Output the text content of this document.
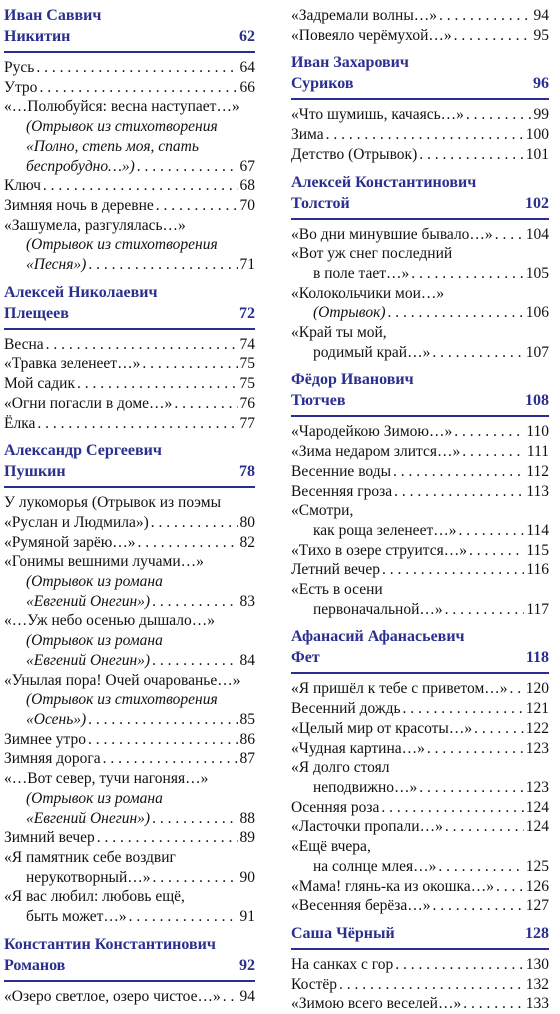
Иван Саввич
Никитин	62
Русь . . .	64
Утро . . .	66
«…Полюбуйся: весна наступает…»
(Отрывок из стихотворения
«Полно, степь моя, спать
беспробудно…») . . .	67
Ключ . . .	68
Зимняя ночь в деревне . . .	70
«Зашумела, разгулялась…»
(Отрывок из стихотворения
«Песня») . . .	71
Алексей Николаевич
Плещеев	72
Весна . . .	74
«Травка зеленеет…» . . .	75
Мой садик . . .	75
«Огни погасли в доме…» . . .	76
Ёлка . . .	77
Александр Сергеевич
Пушкин	78
У лукоморья (Отрывок из поэмы
«Руслан и Людмила») . . .	80
«Румяной зарёю…» . . .	82
«Гонимы вешними лучами…»
(Отрывок из романа
«Евгений Онегин») . . .	83
«…Уж небо осенью дышало…»
(Отрывок из романа
«Евгений Онегин») . . .	84
«Унылая пора! Очей очарованье…»
(Отрывок из стихотворения
«Осень») . . .	85
Зимнее утро . . .	86
Зимняя дорога . . .	87
«…Вот север, тучи нагоняя…»
(Отрывок из романа
«Евгений Онегин») . . .	88
Зимний вечер . . .	89
«Я памятник себе воздвиг
нерукотворный…» . . .	90
«Я вас любил: любовь ещё,
быть может…» . . .	91
Константин Константинович
Романов	92
«Озеро светлое, озеро чистое…» . . . 94
«Задремали волны…» . . .	94
«Повеяло черёмухой…» . . .	95
Иван Захарович
Суриков	96
«Что шумишь, качаясь…» . . .	99
Зима . . .	100
Детство (Отрывок) . . .	101
Алексей Константинович
Толстой	102
«Во дни минувшие бывало…» . . . 104
«Вот уж снег последний
в поле тает…» . . .	105
«Колокольчики мои…»
(Отрывок) . . .	106
«Край ты мой,
родимый край…» . . .	107
Фёдор Иванович
Тютчев	108
«Чародейкою Зимою…» . . .	110
«Зима недаром злится…» . . .	111
Весенние воды . . .	112
Весенняя гроза . . .	113
«Смотри,
как роща зеленеет…» . . .	114
«Тихо в озере струится…» . . .	115
Летний вечер . . .	116
«Есть в осени
первоначальной…» . . .	117
Афанасий Афанасьевич
Фет	118
«Я пришёл к тебе с приветом…» . . . 120
Весенний дождь . . .	121
«Целый мир от красоты…» . . .	122
«Чудная картина…» . . .	123
«Я долго стоял
неподвижно…» . . .	123
Осенняя роза . . .	124
«Ласточки пропали…» . . .	124
«Ещё вчера,
на солнце млея…» . . .	125
«Мама! глянь-ка из окошка…» . . . 126
«Весенняя берёза…» . . .	127
Саша Чёрный	128
На санках с гор . . .	130
Костёр . . .	132
«Зимою всего веселей…» . . .	133
